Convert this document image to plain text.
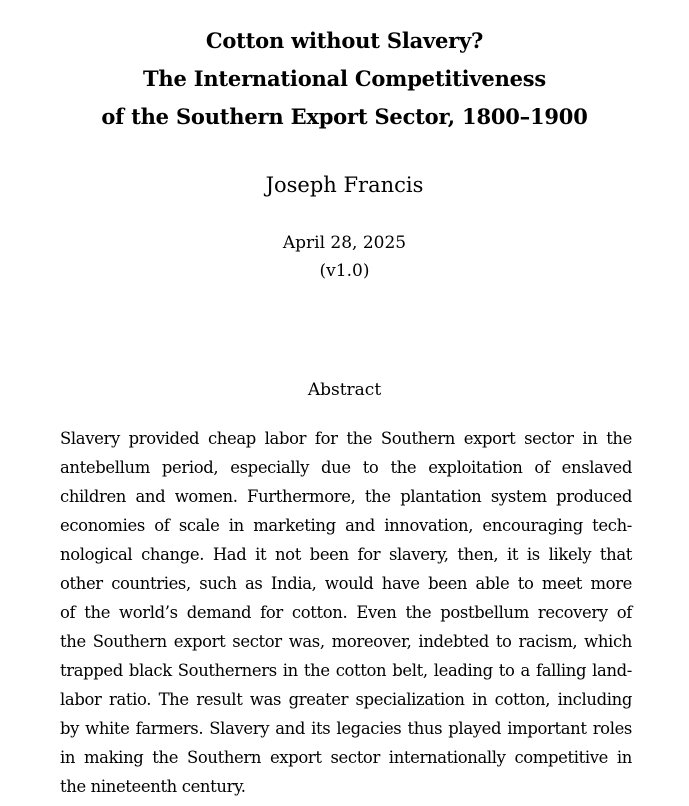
Cotton without Slavery?
The International Competitiveness
of the Southern Export Sector, 1800–1900
Joseph Francis
April 28, 2025
(v1.0)
Abstract
Slavery provided cheap labor for the Southern export sector in the
antebellum period, especially due to the exploitation of enslaved
children and women. Furthermore, the plantation system produced
economies of scale in marketing and innovation, encouraging tech-
nological change. Had it not been for slavery, then, it is likely that
other countries, such as India, would have been able to meet more
of the world’s demand for cotton. Even the postbellum recovery of
the Southern export sector was, moreover, indebted to racism, which
trapped black Southerners in the cotton belt, leading to a falling land-
labor ratio. The result was greater specialization in cotton, including
by white farmers. Slavery and its legacies thus played important roles
in making the Southern export sector internationally competitive in
the nineteenth century.
